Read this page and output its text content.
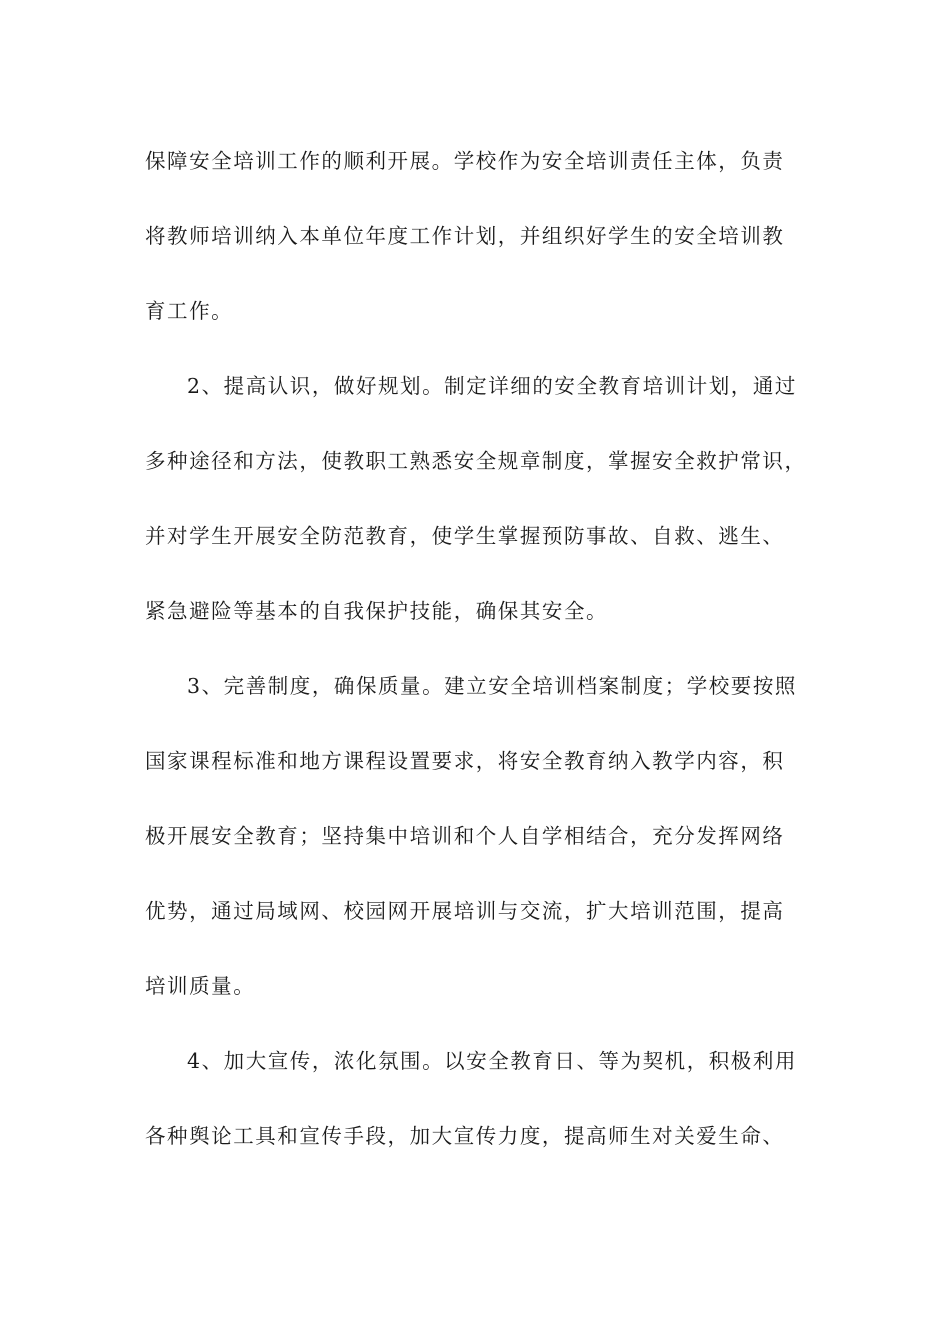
保障安全培训工作的顺利开展。学校作为安全培训责任主体，负责
将教师培训纳入本单位年度工作计划，并组织好学生的安全培训教
育工作。
2、提高认识，做好规划。制定详细的安全教育培训计划，通过
多种途径和方法，使教职工熟悉安全规章制度，掌握安全救护常识，
并对学生开展安全防范教育，使学生掌握预防事故、自救、逃生、
紧急避险等基本的自我保护技能，确保其安全。
3、完善制度，确保质量。建立安全培训档案制度；学校要按照
国家课程标准和地方课程设置要求，将安全教育纳入教学内容，积
极开展安全教育；坚持集中培训和个人自学相结合，充分发挥网络
优势，通过局域网、校园网开展培训与交流，扩大培训范围，提高
培训质量。
4、加大宣传，浓化氛围。以安全教育日、等为契机，积极利用
各种舆论工具和宣传手段，加大宣传力度，提高师生对关爱生命、
